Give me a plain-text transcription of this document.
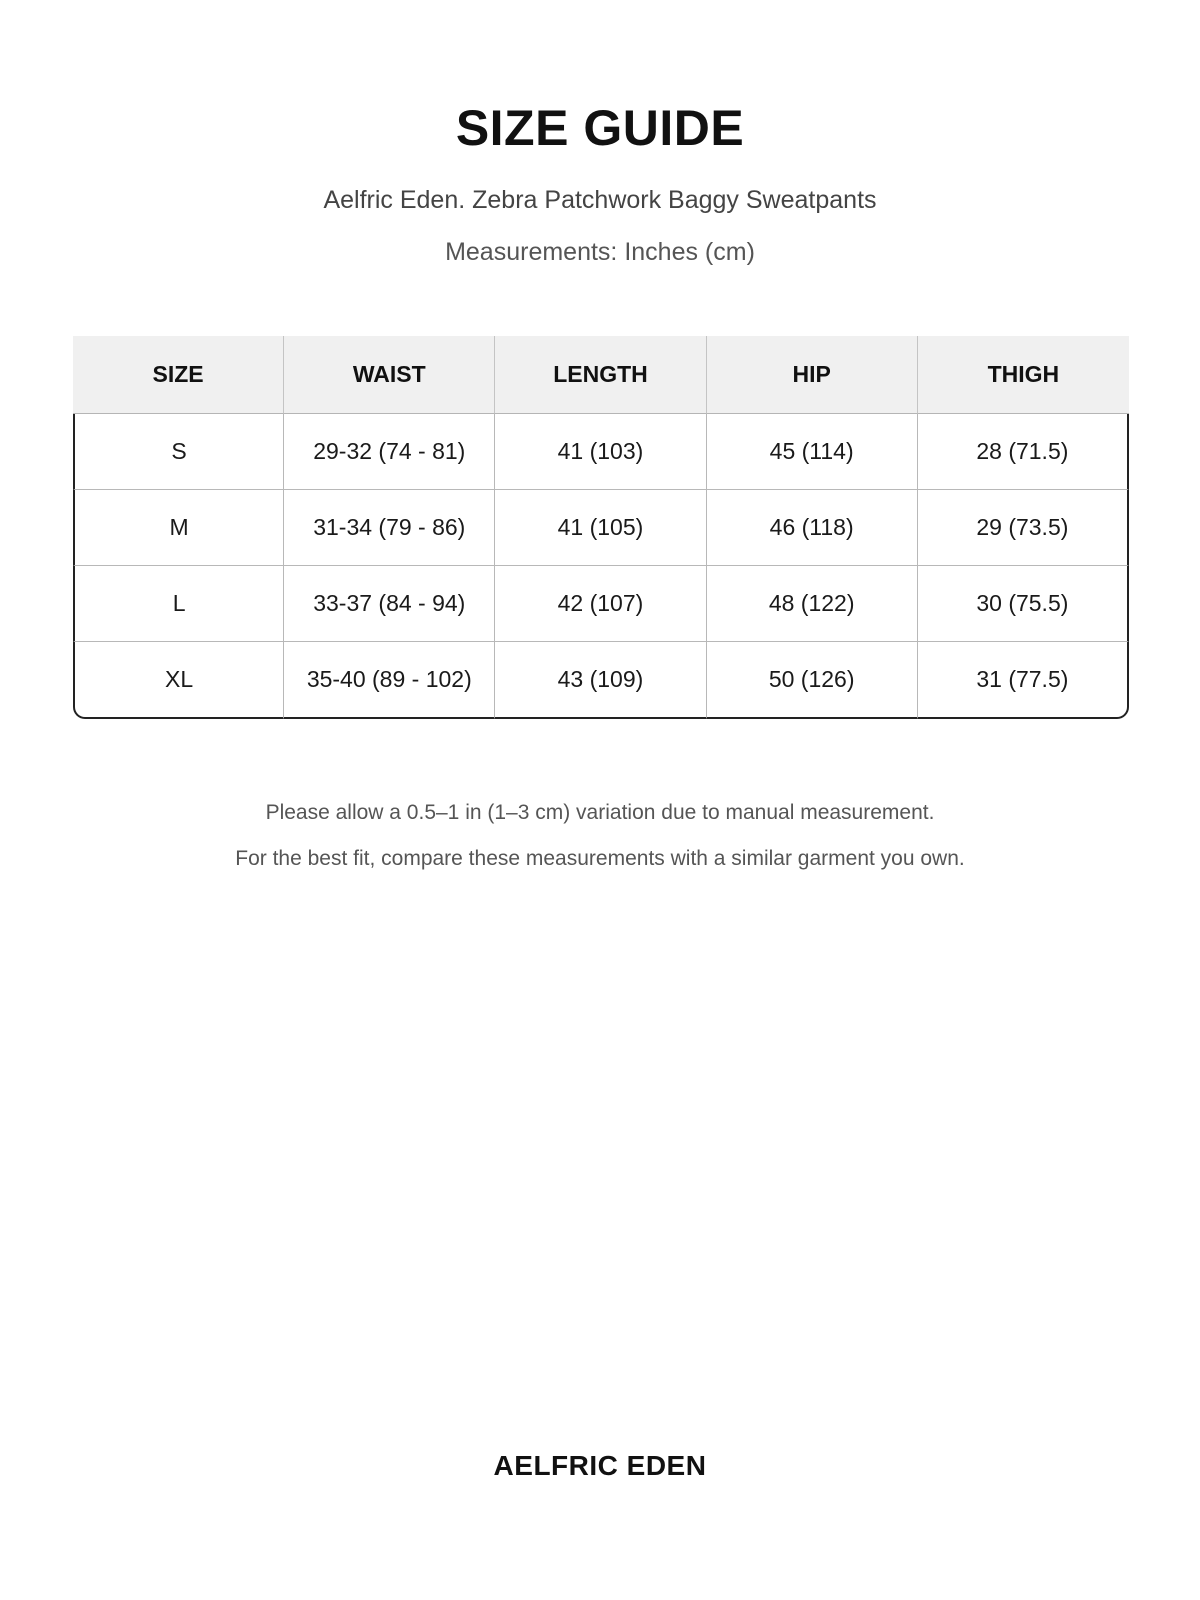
SIZE GUIDE
Aelfric Eden. Zebra Patchwork Baggy Sweatpants
Measurements: Inches (cm)
SIZE	WAIST	LENGTH	HIP	THIGH
S	29-32 (74 - 81)	41 (103)	45 (114)	28 (71.5)
M	31-34 (79 - 86)	41 (105)	46 (118)	29 (73.5)
L	33-37 (84 - 94)	42 (107)	48 (122)	30 (75.5)
XL	35-40 (89 - 102)	43 (109)	50 (126)	31 (77.5)
Please allow a 0.5–1 in (1–3 cm) variation due to manual measurement.
For the best fit, compare these measurements with a similar garment you own.
AELFRIC EDEN
